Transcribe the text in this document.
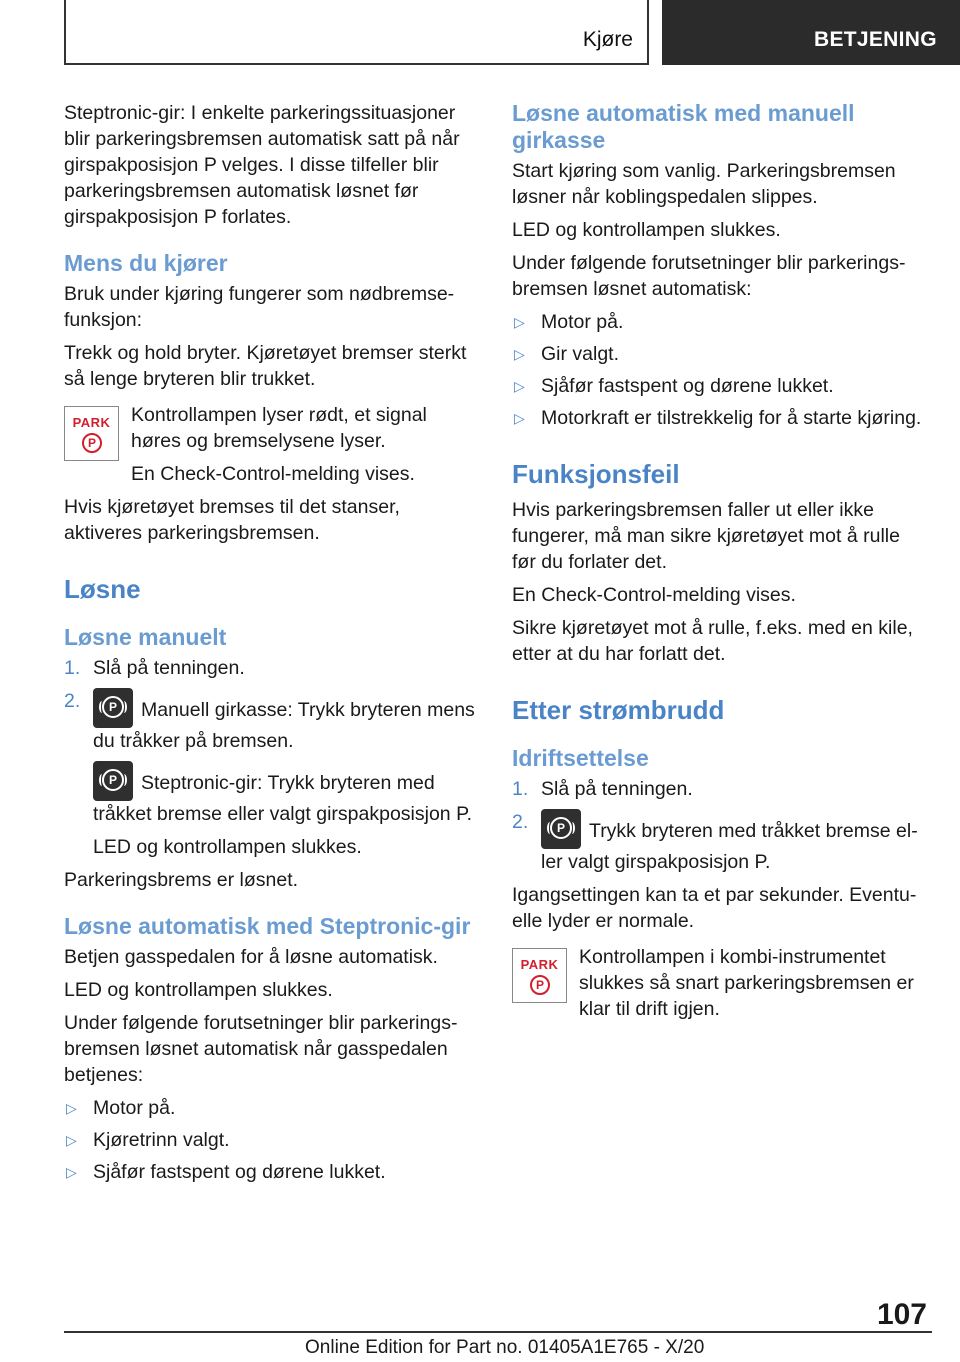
Kjøre	BETJENING

Steptronic-gir: I enkelte parkeringssituasjoner blir parkeringsbremsen automatisk satt på når girspakposisjon P velges. I disse tilfeller blir parkeringsbremsen automatisk løsnet før girspakposisjon P forlates.

Mens du kjører

Bruk under kjøring fungerer som nødbremsefunksjon:

Trekk og hold bryter. Kjøretøyet bremser sterkt så lenge bryteren blir trukket.

PARK
P

Kontrollampen lyser rødt, et signal høres og bremselysene lyser.

En Check-Control-melding vises.

Hvis kjøretøyet bremses til det stanser, aktiveres parkeringsbremsen.

Løsne
Løsne manuelt
1. Slå på tenningen.
2.	P	Manuell girkasse: Trykk bryteren mens du tråkker på bremsen.
P	Steptronic-gir: Trykk bryteren med tråkket bremse eller valgt girspakposisjon P.
LED og kontrollampen slukkes.

Parkeringsbrems er løsnet.

Løsne automatisk med Steptronic-gir

Betjen gasspedalen for å løsne automatisk.

LED og kontrollampen slukkes.

Under følgende forutsetninger blir parkeringsbremsen løsnet automatisk når gasspedalen betjenes:

▷ Motor på.
▷ Kjøretrinn valgt.
▷ Sjåfør fastspent og dørene lukket.
Løsne automatisk med manuell girkasse

Start kjøring som vanlig. Parkeringsbremsen løsner når koblingspedalen slippes.

LED og kontrollampen slukkes.

Under følgende forutsetninger blir parkeringsbremsen løsnet automatisk:

▷ Motor på.
▷ Gir valgt.
▷ Sjåfør fastspent og dørene lukket.
▷ Motorkraft er tilstrekkelig for å starte kjøring.
Funksjonsfeil

Hvis parkeringsbremsen faller ut eller ikke fungerer, må man sikre kjøretøyet mot å rulle før du forlater det.

En Check-Control-melding vises.

Sikre kjøretøyet mot å rulle, f.eks. med en kile, etter at du har forlatt det.

Etter strømbrudd
Idriftsettelse
1. Slå på tenningen.
2.	P	Trykk bryteren med tråkket bremse eller valgt girspakposisjon P.

Igangsettingen kan ta et par sekunder. Eventuelle lyder er normale.

PARK
P

Kontrollampen i kombi-instrumentet slukkes så snart parkeringsbremsen er klar til drift igjen.

107
Online Edition for Part no. 01405A1E765 - X/20
